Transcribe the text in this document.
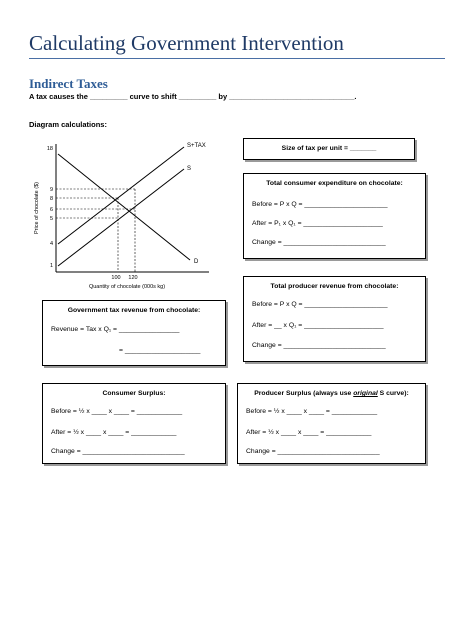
Calculating Government Intervention
Indirect Taxes
A tax causes the _________ curve to shift _________ by ______________________________.
Diagram calculations:
S+TAX
S
D
18
9
8
6
5
4
1
100 120
Quantity of chocolate (000s kg)
Price of chocolate ($)
Size of tax per unit = _______
Total consumer expenditure on chocolate:
Before = P x Q = ______________________
After = P₁ x Q₁ = _____________________
Change = ___________________________
Total producer revenue from chocolate:
Before = P x Q = ______________________
After = __ x Q₁ = _____________________
Change = ___________________________
Government tax revenue from chocolate:
Revenue = Tax x Q₁ = ________________
= ____________________
Consumer Surplus:
Before = ½ x ____ x ____ = ____________
After = ½ x ____ x ____ = ____________
Change = ___________________________
Producer Surplus (always use original S curve):
Before = ½ x ____ x ____ = ____________
After = ½ x ____ x ____ = ____________
Change = ___________________________
